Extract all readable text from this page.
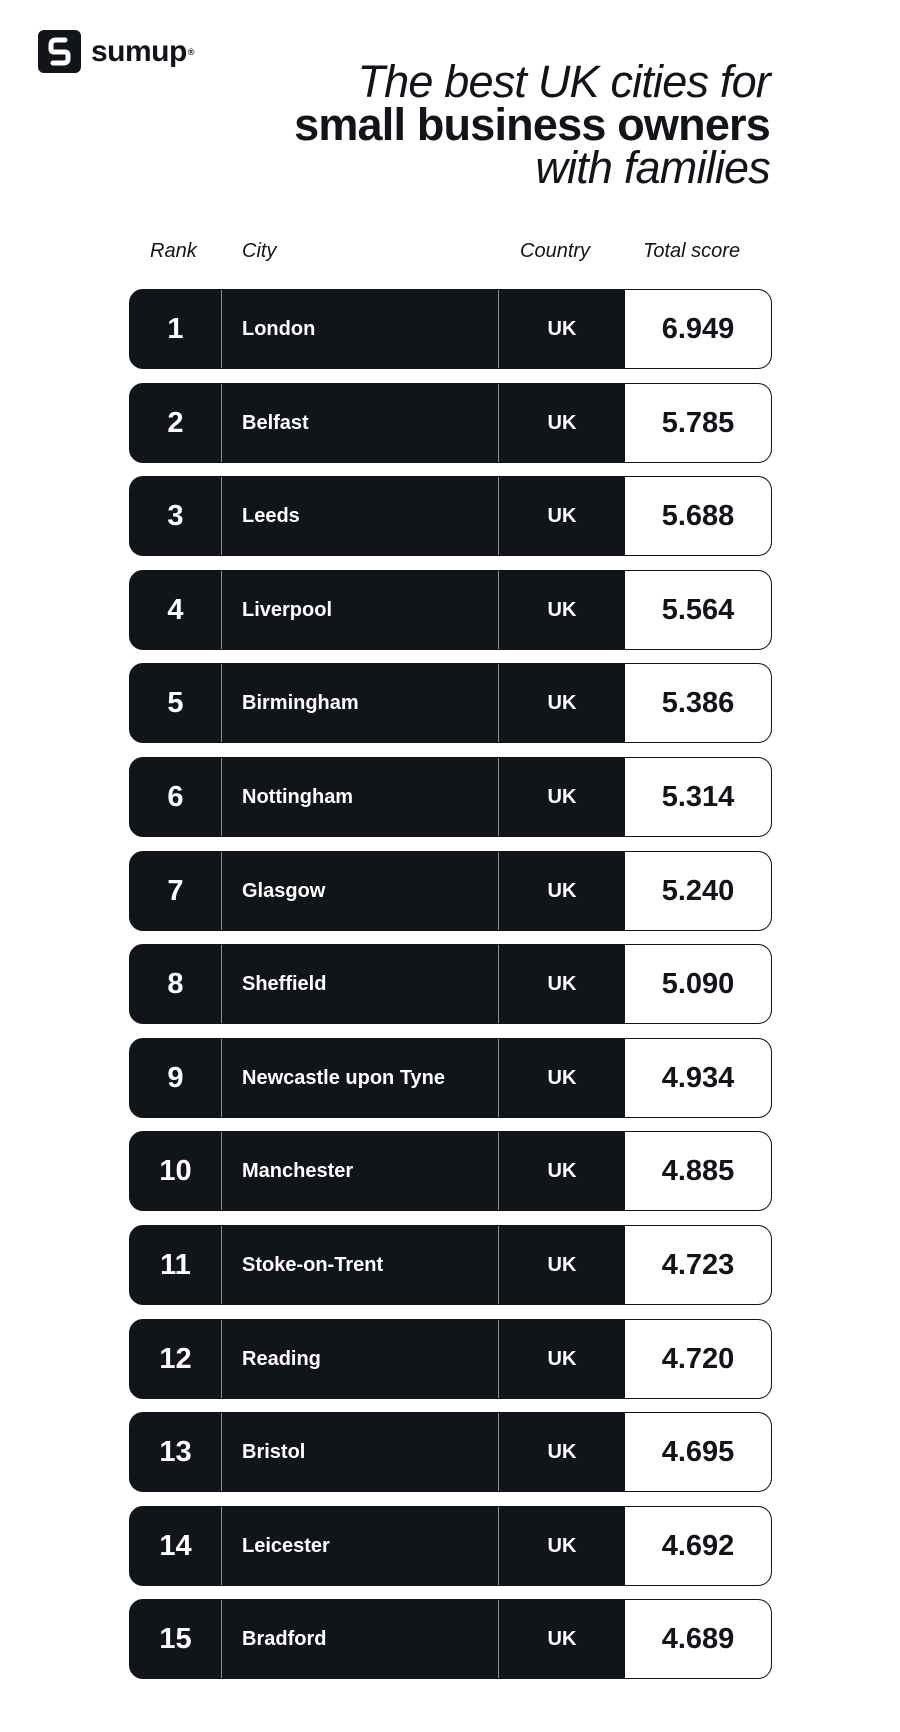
sumup ®
The best UK cities for
small business owners
with families
Rank City	Country	Total score
1	London	UK	6.949
2	Belfast	UK	5.785
3	Leeds	UK	5.688
4	Liverpool	UK	5.564
5	Birmingham	UK	5.386
6	Nottingham	UK	5.314
7	Glasgow	UK	5.240
8	Sheffield	UK	5.090
9	Newcastle upon Tyne	UK	4.934
10	Manchester	UK	4.885
11	Stoke-on-Trent	UK	4.723
12	Reading	UK	4.720
13	Bristol	UK	4.695
14	Leicester	UK	4.692
15	Bradford	UK	4.689
